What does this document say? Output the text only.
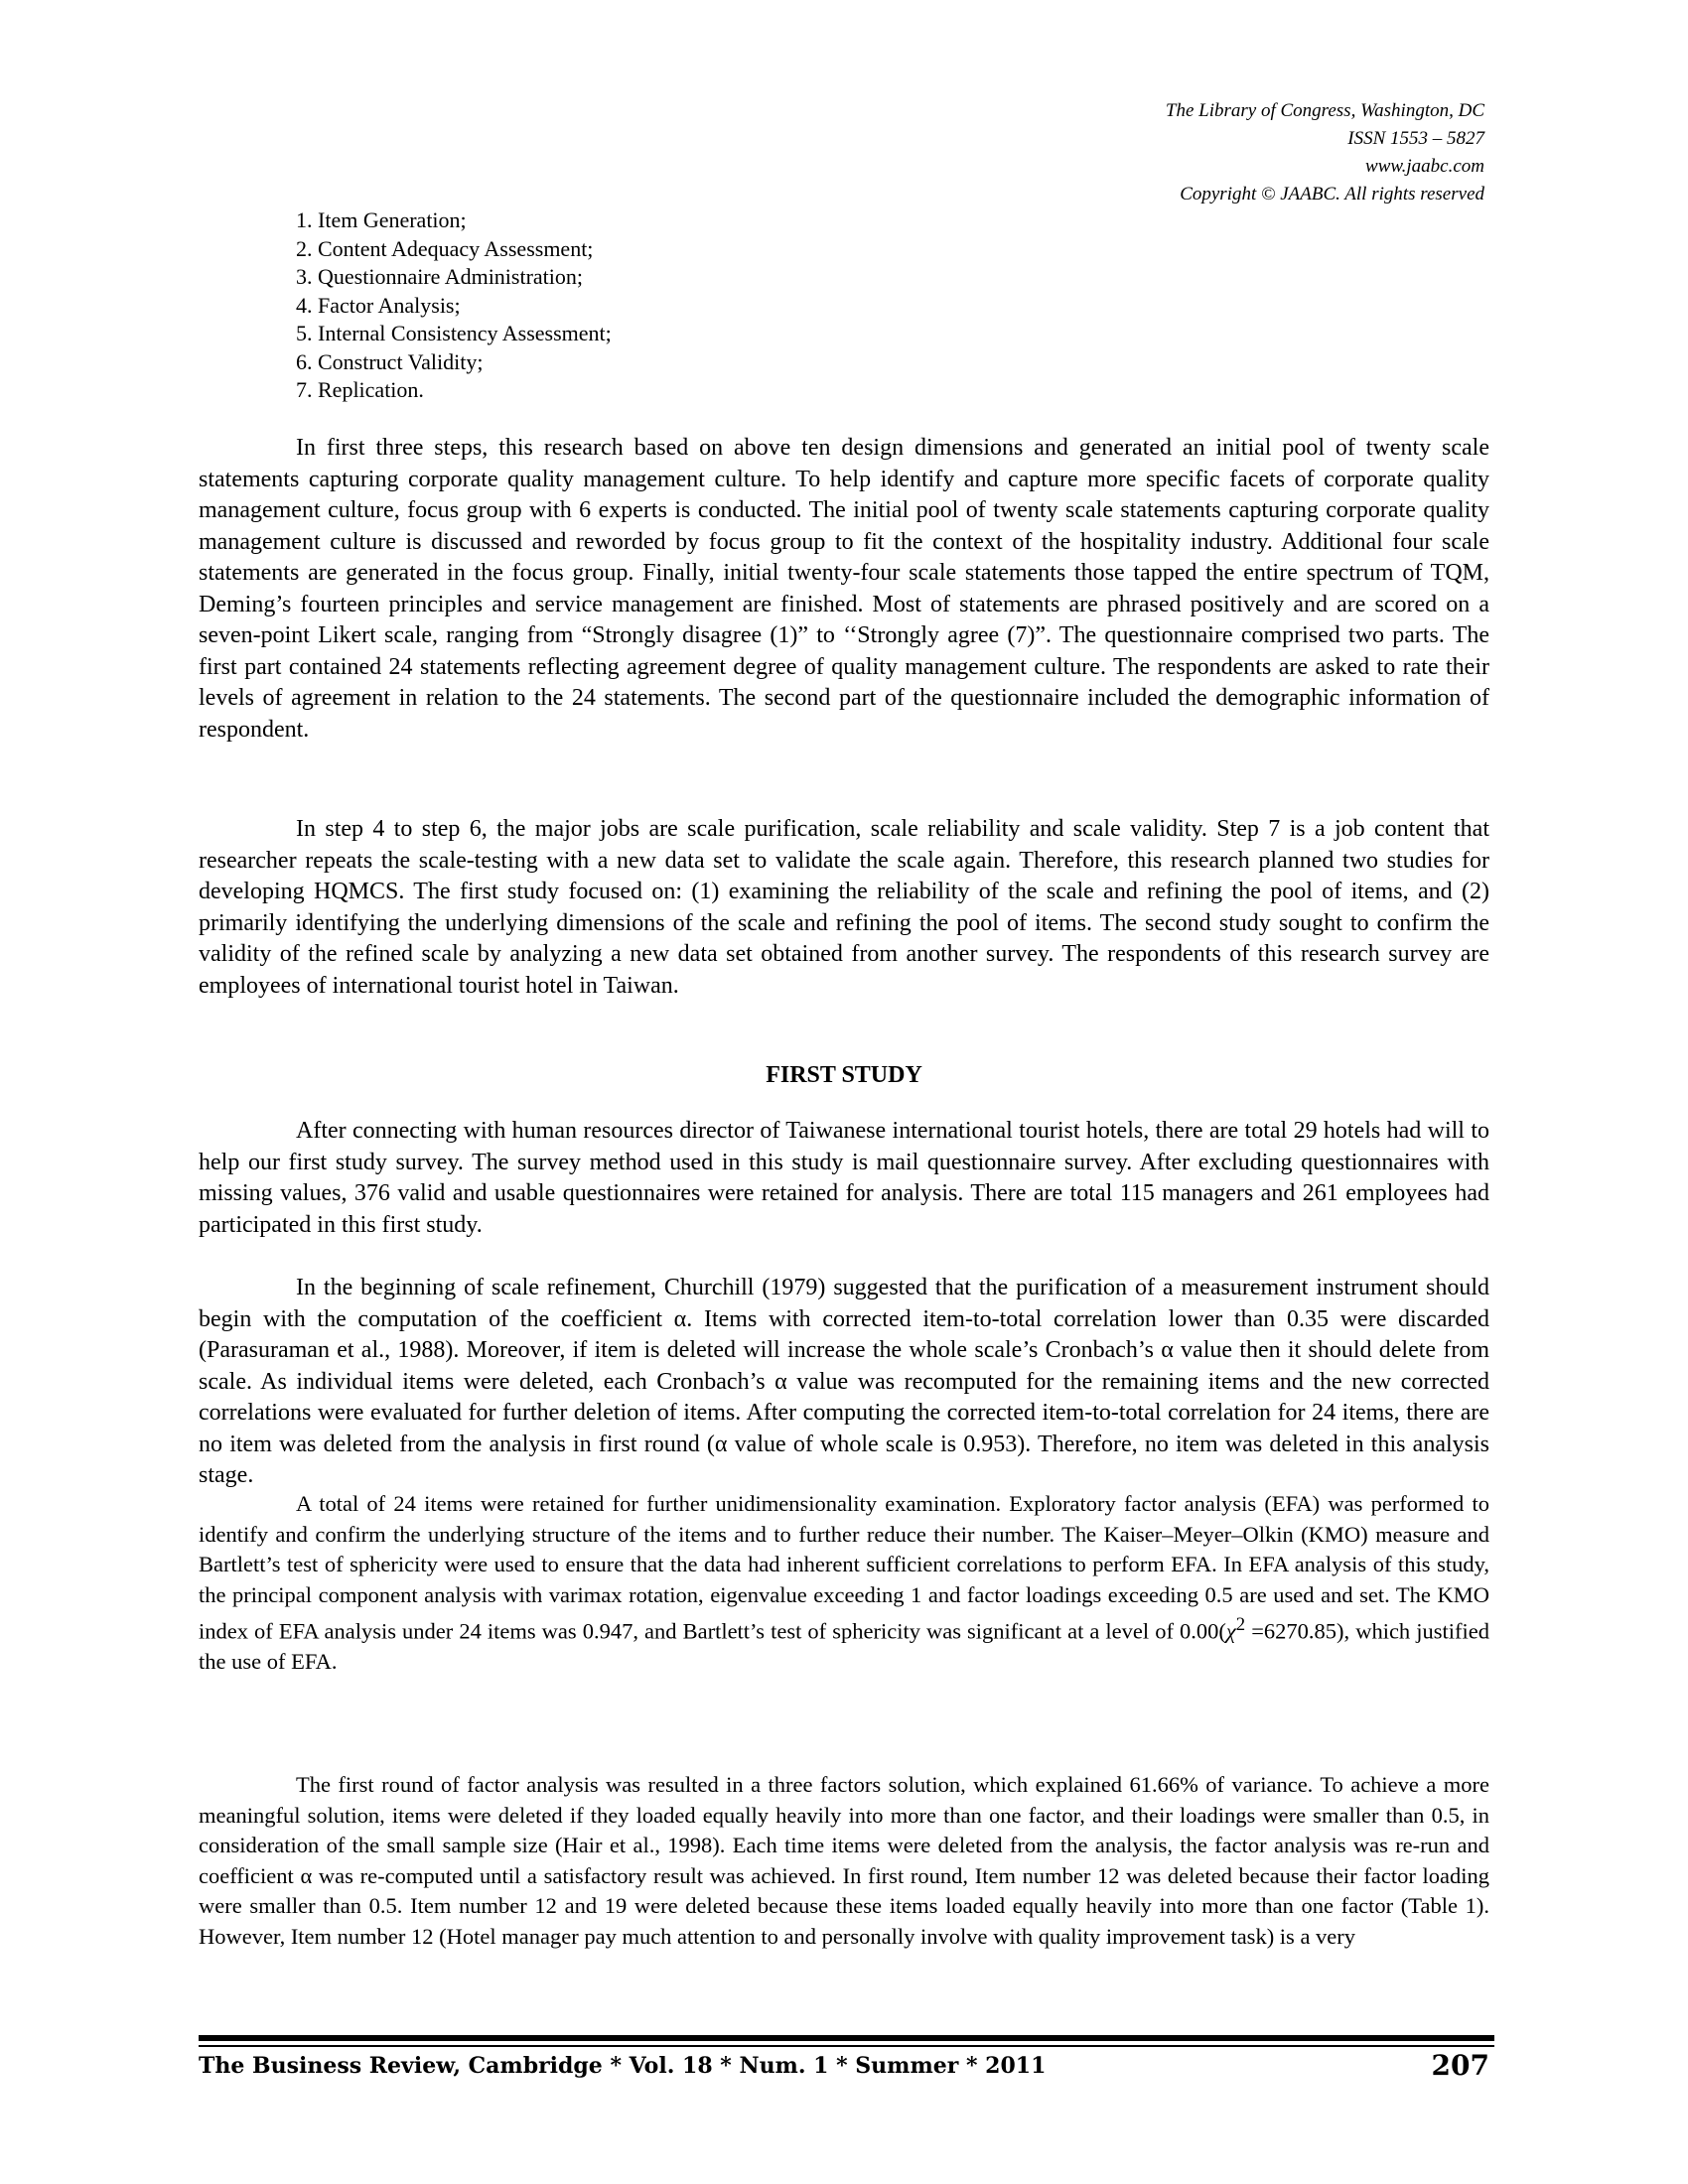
The Library of Congress, Washington, DC
ISSN 1553 – 5827
www.jaabc.com
Copyright © JAABC. All rights reserved
1. Item Generation;
2. Content Adequacy Assessment;
3. Questionnaire Administration;
4. Factor Analysis;
5. Internal Consistency Assessment;
6. Construct Validity;
7. Replication.

In first three steps, this research based on above ten design dimensions and generated an initial pool of twenty scale statements capturing corporate quality management culture. To help identify and capture more specific facets of corporate quality management culture, focus group with 6 experts is conducted. The initial pool of twenty scale statements capturing corporate quality management culture is discussed and reworded by focus group to fit the context of the hospitality industry. Additional four scale statements are generated in the focus group. Finally, initial twenty-four scale statements those tapped the entire spectrum of TQM, Deming’s fourteen principles and service management are finished. Most of statements are phrased positively and are scored on a seven-point Likert scale, ranging from “Strongly disagree (1)” to ‘‘Strongly agree (7)”. The questionnaire comprised two parts. The first part contained 24 statements reflecting agreement degree of quality management culture. The respondents are asked to rate their levels of agreement in relation to the 24 statements. The second part of the questionnaire included the demographic information of respondent.

In step 4 to step 6, the major jobs are scale purification, scale reliability and scale validity. Step 7 is a job content that researcher repeats the scale-testing with a new data set to validate the scale again. Therefore, this research planned two studies for developing HQMCS. The first study focused on: (1) examining the reliability of the scale and refining the pool of items, and (2) primarily identifying the underlying dimensions of the scale and refining the pool of items. The second study sought to confirm the validity of the refined scale by analyzing a new data set obtained from another survey. The respondents of this research survey are employees of international tourist hotel in Taiwan.

FIRST STUDY

After connecting with human resources director of Taiwanese international tourist hotels, there are total 29 hotels had will to help our first study survey. The survey method used in this study is mail questionnaire survey. After excluding questionnaires with missing values, 376 valid and usable questionnaires were retained for analysis. There are total 115 managers and 261 employees had participated in this first study.

In the beginning of scale refinement, Churchill (1979) suggested that the purification of a measurement instrument should begin with the computation of the coefficient α. Items with corrected item-to-total correlation lower than 0.35 were discarded (Parasuraman et al., 1988). Moreover, if item is deleted will increase the whole scale’s Cronbach’s α value then it should delete from scale. As individual items were deleted, each Cronbach’s α value was recomputed for the remaining items and the new corrected correlations were evaluated for further deletion of items. After computing the corrected item-to-total correlation for 24 items, there are no item was deleted from the analysis in first round (α value of whole scale is 0.953). Therefore, no item was deleted in this analysis stage.

A total of 24 items were retained for further unidimensionality examination. Exploratory factor analysis (EFA) was performed to identify and confirm the underlying structure of the items and to further reduce their number. The Kaiser–Meyer–Olkin (KMO) measure and Bartlett’s test of sphericity were used to ensure that the data had inherent sufficient correlations to perform EFA. In EFA analysis of this study, the principal component analysis with varimax rotation, eigenvalue exceeding 1 and factor loadings exceeding 0.5 are used and set. The KMO index of EFA analysis under 24 items was 0.947, and Bartlett’s test of sphericity was significant at a level of $0.00(\chi^2 =6270.85)$, which justified the use of EFA.

The first round of factor analysis was resulted in a three factors solution, which explained 61.66% of variance. To achieve a more meaningful solution, items were deleted if they loaded equally heavily into more than one factor, and their loadings were smaller than 0.5, in consideration of the small sample size (Hair et al., 1998). Each time items were deleted from the analysis, the factor analysis was re-run and coefficient α was re-computed until a satisfactory result was achieved. In first round, Item number 12 was deleted because their factor loading were smaller than 0.5. Item number 12 and 19 were deleted because these items loaded equally heavily into more than one factor (Table 1). However, Item number 12 (Hotel manager pay much attention to and personally involve with quality improvement task) is a very

The Business Review, Cambridge * Vol. 18 * Num. 1 * Summer * 2011	207
